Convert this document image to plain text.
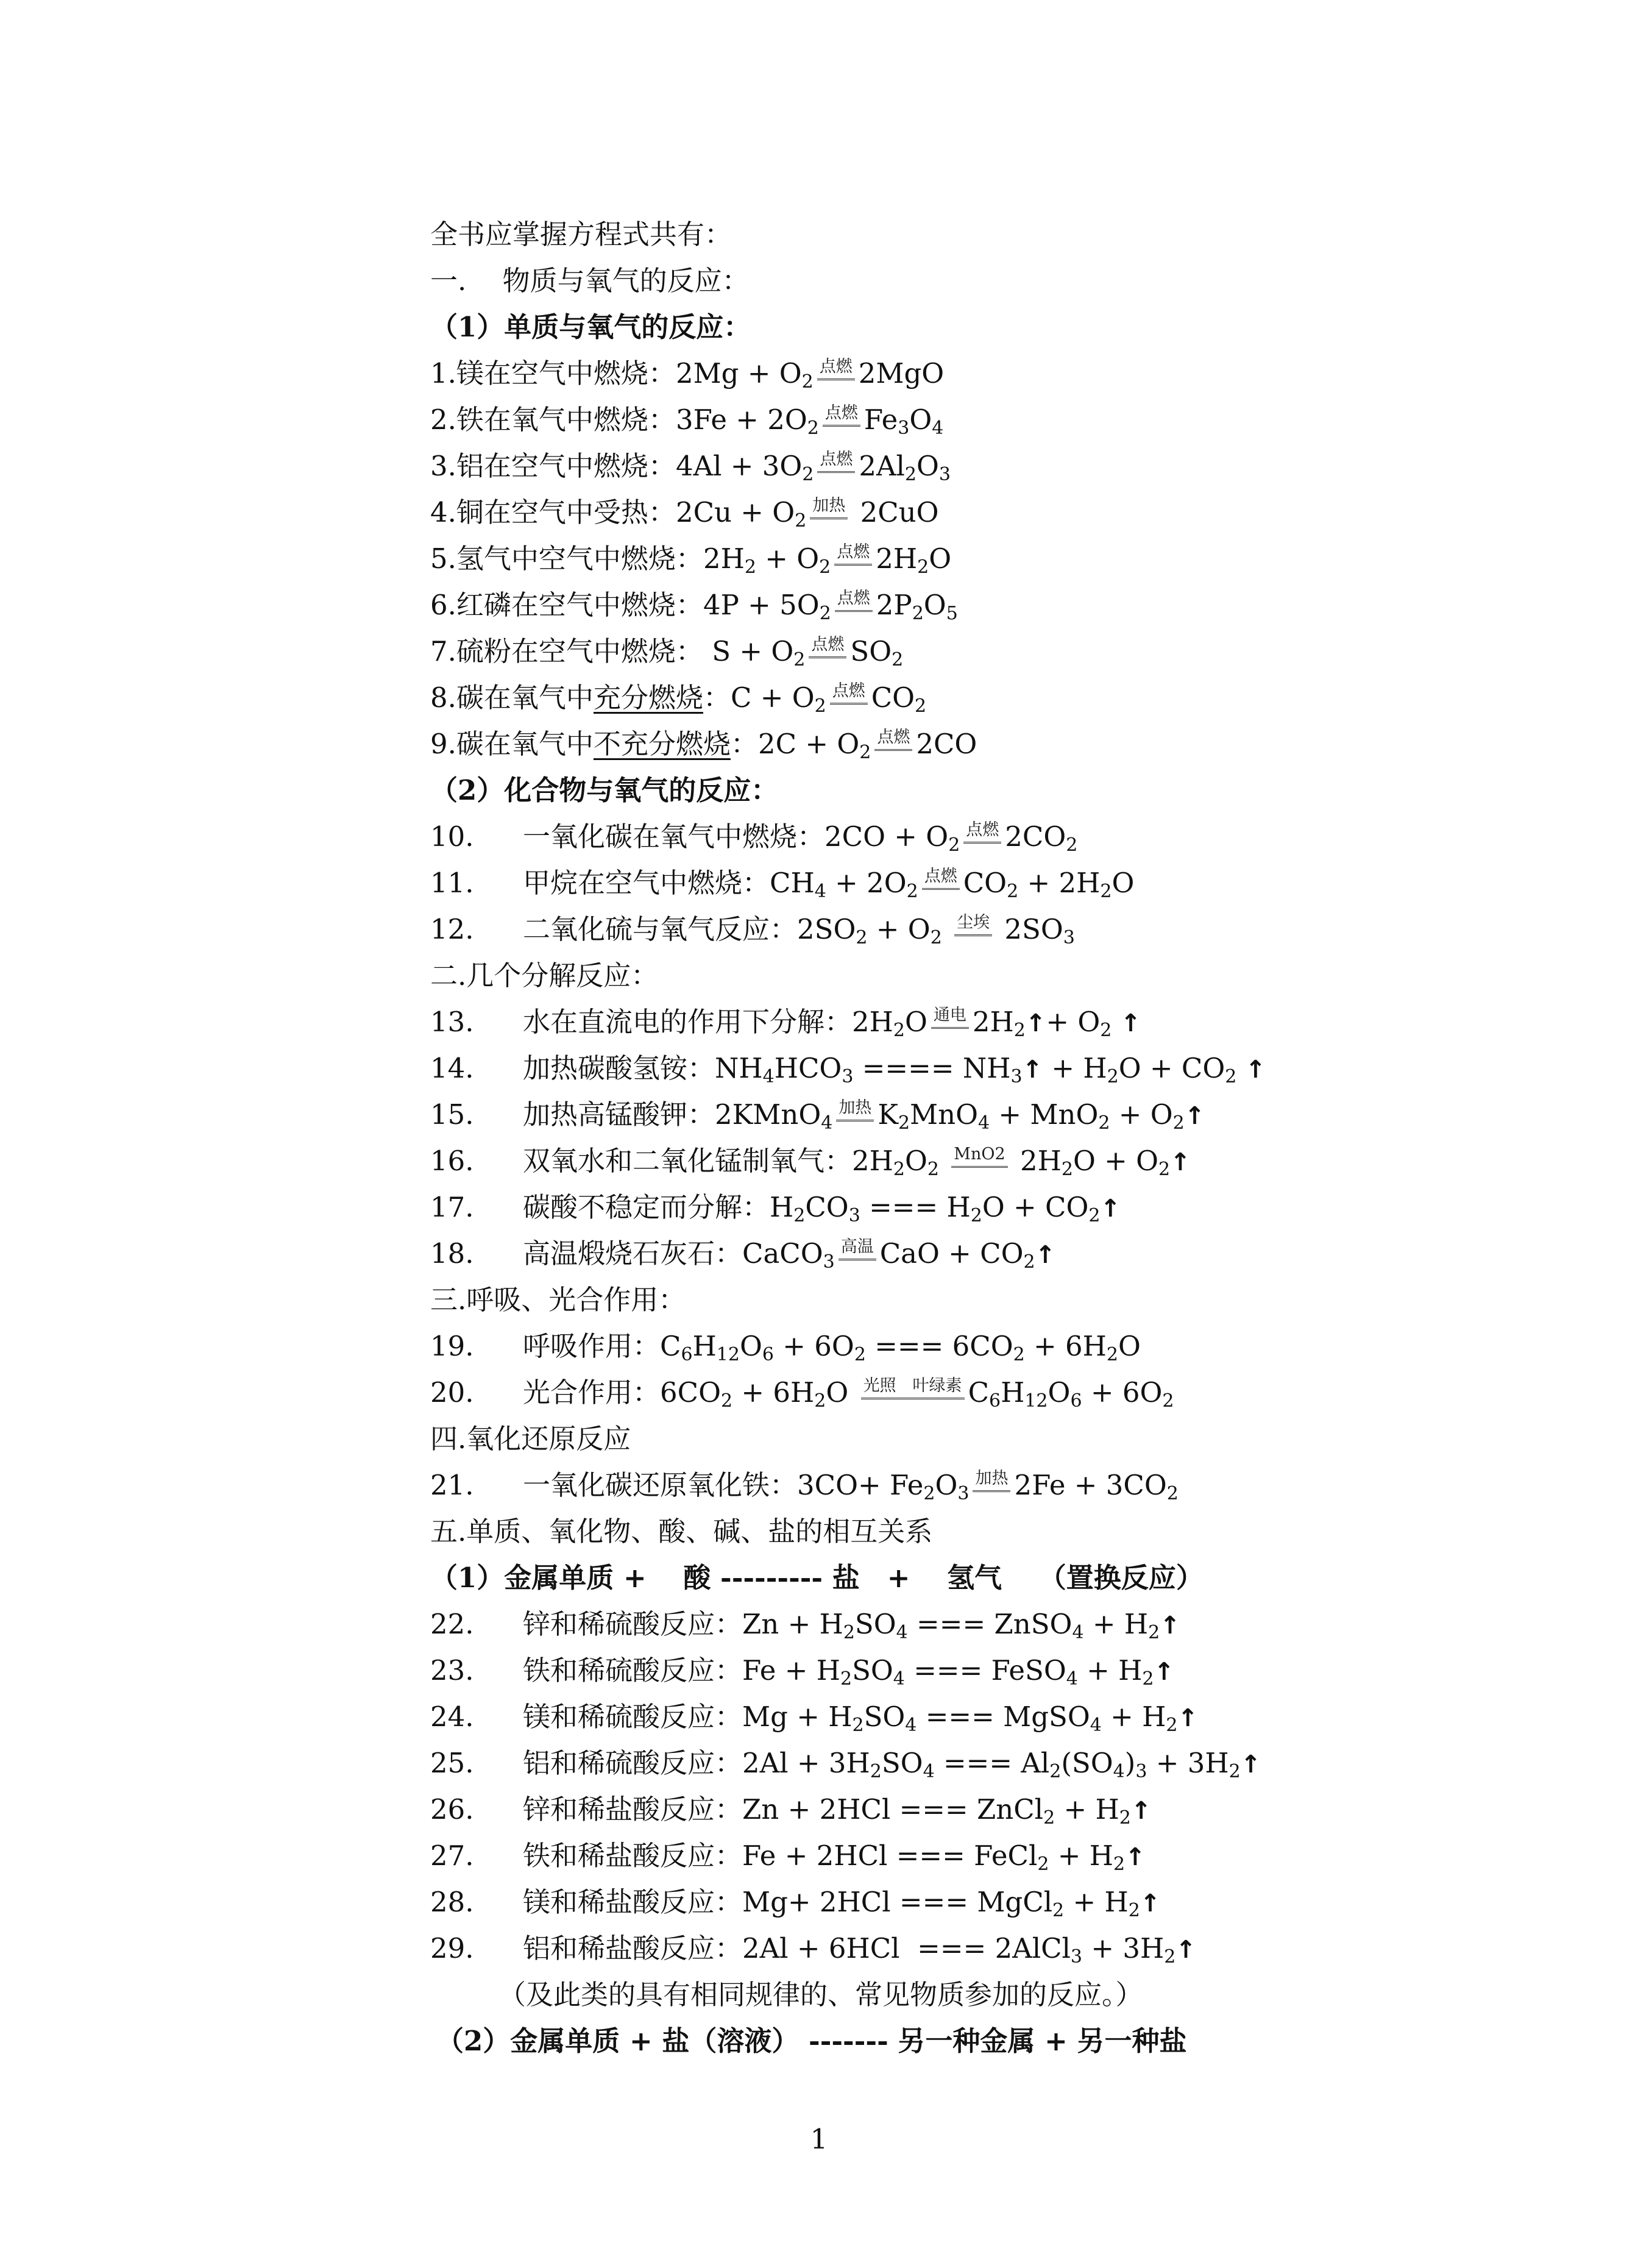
全书应掌握方程式共有：
一.　 物质与氧气的反应：
（1）单质与氧气的反应：
1.镁在空气中燃烧：$2Mg + O_2$点燃 2MgO
2.铁在氧气中燃烧：$3Fe + 2O_2$点燃 $Fe_3O_4$
3.铝在空气中燃烧：$4Al + 3O_2$点燃 $2Al_2O_3$
4.铜在空气中受热：$2Cu + O_2$加热 2CuO
5.氢气中空气中燃烧：$2H_2 + O_2$点燃 $2H_2O$
6.红磷在空气中燃烧：$4P + 5O_2$点燃 $2P_2O_5$
7.硫粉在空气中燃烧： $S + O_2$点燃 $SO_2$
8.碳在氧气中充分燃烧：$C + O_2$点燃 $CO_2$
9.碳在氧气中不充分燃烧：$2C + O_2$点燃 2CO
（2）化合物与氧气的反应：
10. 一氧化碳在氧气中燃烧：$2CO + O_2$点燃 $2CO_2$
11. 甲烷在空气中燃烧：$CH_4 + 2O_2$点燃 $CO_2 + 2H_2O$
12. 二氧化硫与氧气反应：$2SO_2 + O_2$ 尘埃 $2SO_3$
二.几个分解反应：
13. 水在直流电的作用下分解：$2H_2O$ 通电 $2H_2↑+ O_2$ ↑
14. 加热碳酸氢铵：$NH_4HCO_3$ ==== $NH_3↑ + H_2O + CO_2$ ↑
15. 加热高锰酸钾：2KMnO$_4$加热 $K_2MnO_4 + MnO_2$ + $O_2↑$
16. 双氧水和二氧化锰制氧气：$2H_2O_2$ MnO2 $2H_2O$ + $O_2↑$
17. 碳酸不稳定而分解：$H_2CO_3$ === $H_2O$ + $CO_2↑$
18. 高温煅烧石灰石：CaCO$_3$高温 CaO + $CO_2↑$
三.呼吸、光合作用：
19. 呼吸作用：$C_6H_{12}O_6 + 6O_2$ === $6CO_2 + 6H_2O$
20. 光合作用：$6CO_2 + 6H_2O$ 光照　叶绿素 $C_6H_{12}O_6 + 6O_2$
四.氧化还原反应
21. 一氧化碳还原氧化铁：$3CO+ Fe_2O_3$加热 $2Fe + 3CO_2$
五.单质、氧化物、酸、碱、盐的相互关系
（1）金属单质 +　 酸 --------- 盐　+　 氢气　 （置换反应）
22. 锌和稀硫酸反应：$Zn + H_2SO_4$ === ZnSO$_4$ + $H_2↑$
23. 铁和稀硫酸反应：$Fe + H_2SO_4$ === FeSO$_4$ + $H_2↑$
24. 镁和稀硫酸反应：$Mg + H_2SO_4$ === MgSO$_4$ + $H_2↑$
25. 铝和稀硫酸反应：$2Al + 3H_2SO_4$ === $Al_2(SO_4)_3$ + $3H_2↑$
26. 锌和稀盐酸反应：Zn + 2HCl === ZnCl$_2$ + $H_2↑$
27. 铁和稀盐酸反应：Fe + 2HCl === FeCl$_2$ + $H_2↑$
28. 镁和稀盐酸反应：Mg+ 2HCl === MgCl$_2$ + $H_2↑$
29. 铝和稀盐酸反应：2Al + 6HCl  === 2AlCl$_3$ + $3H_2↑$
（及此类的具有相同规律的、常见物质参加的反应。）
（2）金属单质 + 盐（溶液） ------- 另一种金属 + 另一种盐
1
